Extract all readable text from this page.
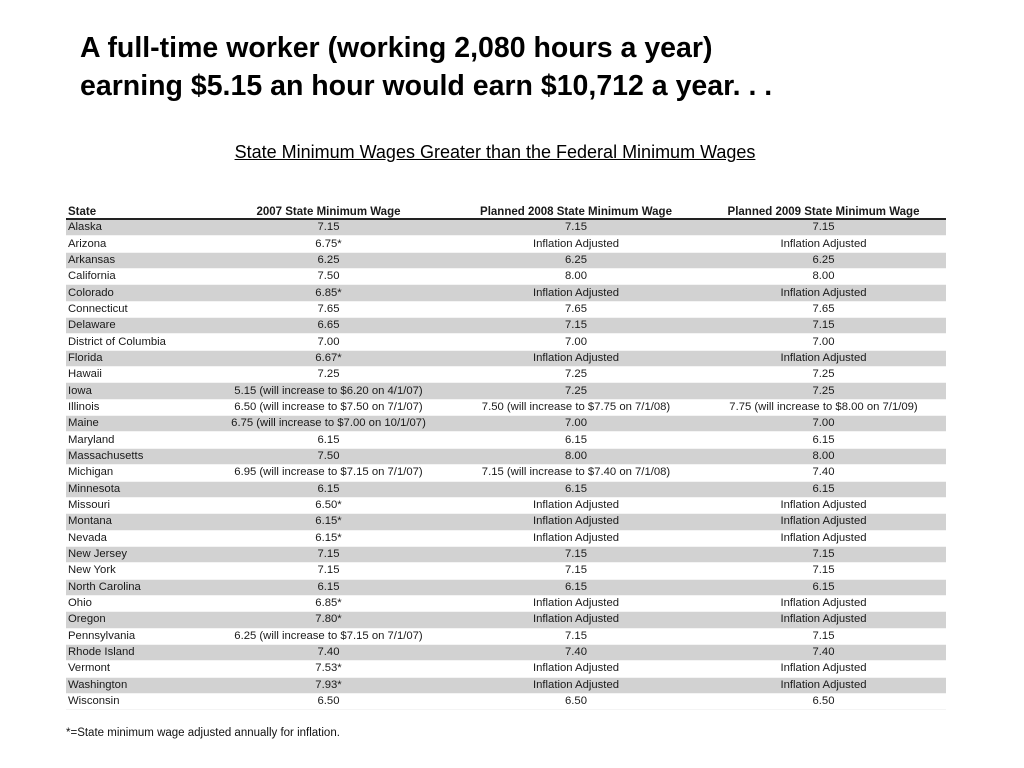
A full-time worker (working 2,080 hours a year)
earning $5.15 an hour would earn $10,712 a year. . .
State Minimum Wages Greater than the Federal Minimum Wages
State	2007 State Minimum Wage	Planned 2008 State Minimum Wage	Planned 2009 State Minimum Wage
Alaska	7.15	7.15	7.15
Arizona	6.75*	Inflation Adjusted	Inflation Adjusted
Arkansas	6.25	6.25	6.25
California	7.50	8.00	8.00
Colorado	6.85*	Inflation Adjusted	Inflation Adjusted
Connecticut	7.65	7.65	7.65
Delaware	6.65	7.15	7.15
District of Columbia	7.00	7.00	7.00
Florida	6.67*	Inflation Adjusted	Inflation Adjusted
Hawaii	7.25	7.25	7.25
Iowa	5.15 (will increase to $6.20 on 4/1/07)	7.25	7.25
Illinois	6.50 (will increase to $7.50 on 7/1/07)	7.50 (will increase to $7.75 on 7/1/08)	7.75 (will increase to $8.00 on 7/1/09)
Maine	6.75 (will increase to $7.00 on 10/1/07)	7.00	7.00
Maryland	6.15	6.15	6.15
Massachusetts	7.50	8.00	8.00
Michigan	6.95 (will increase to $7.15 on 7/1/07)	7.15 (will increase to $7.40 on 7/1/08)	7.40
Minnesota	6.15	6.15	6.15
Missouri	6.50*	Inflation Adjusted	Inflation Adjusted
Montana	6.15*	Inflation Adjusted	Inflation Adjusted
Nevada	6.15*	Inflation Adjusted	Inflation Adjusted
New Jersey	7.15	7.15	7.15
New York	7.15	7.15	7.15
North Carolina	6.15	6.15	6.15
Ohio	6.85*	Inflation Adjusted	Inflation Adjusted
Oregon	7.80*	Inflation Adjusted	Inflation Adjusted
Pennsylvania	6.25 (will increase to $7.15 on 7/1/07)	7.15	7.15
Rhode Island	7.40	7.40	7.40
Vermont	7.53*	Inflation Adjusted	Inflation Adjusted
Washington	7.93*	Inflation Adjusted	Inflation Adjusted
Wisconsin	6.50	6.50	6.50
*=State minimum wage adjusted annually for inflation.
